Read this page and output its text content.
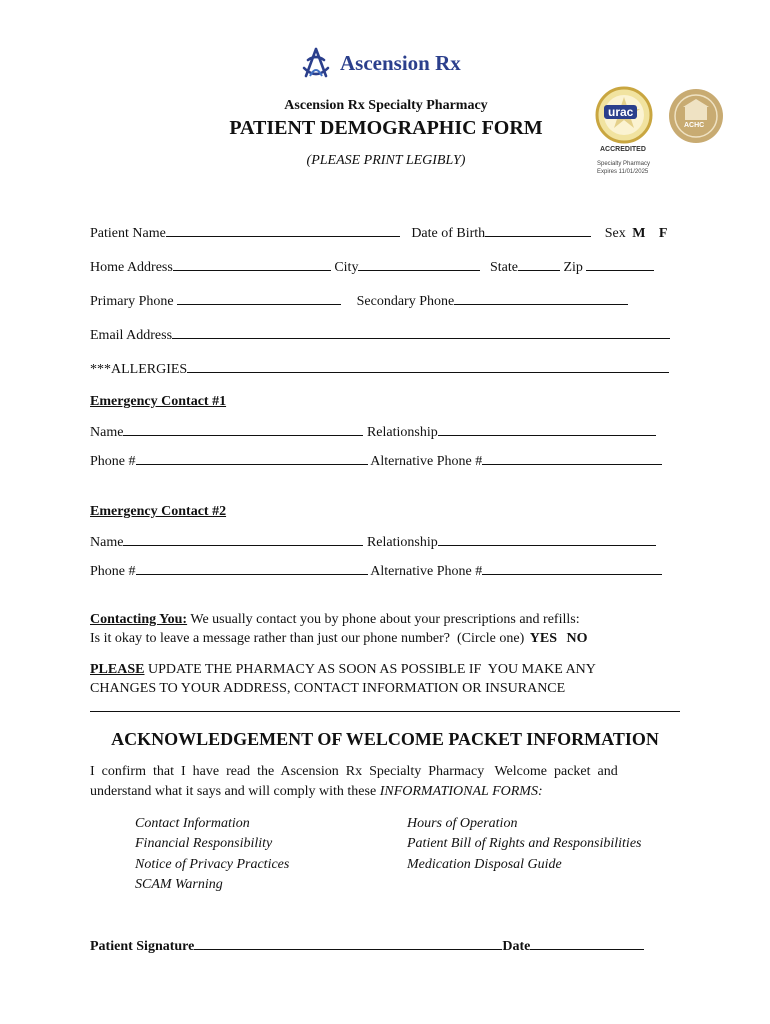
Ascension Rx
Ascension Rx Specialty Pharmacy
PATIENT DEMOGRAPHIC FORM
(PLEASE PRINT LEGIBLY)
urac
ACCREDITED
Specialty Pharmacy Expires 11/01/2025
ACHC
Patient Name	Date of Birth	Sex M F
Home Address	City	State	Zip
Primary Phone	Secondary Phone
Email Address
***ALLERGIES
Emergency Contact #1
Name	Relationship
Phone #	Alternative Phone #
Emergency Contact #2
Name	Relationship
Phone #	Alternative Phone #
Contacting You: We usually contact you by phone about your prescriptions and refills:
Is it okay to leave a message rather than just our phone number?  (Circle one) YES NO
PLEASE UPDATE THE PHARMACY AS SOON AS POSSIBLE IF  YOU MAKE ANY
CHANGES TO YOUR ADDRESS, CONTACT INFORMATION OR INSURANCE
ACKNOWLEDGEMENT OF WELCOME PACKET INFORMATION
I  confirm  that  I  have  read  the  Ascension  Rx  Specialty  Pharmacy   Welcome  packet  and
understand what it says and will comply with these INFORMATIONAL FORMS:
Contact Information
Financial Responsibility
Notice of Privacy Practices
SCAM Warning
Hours of Operation
Patient Bill of Rights and Responsibilities
Medication Disposal Guide
Patient Signature	Date
